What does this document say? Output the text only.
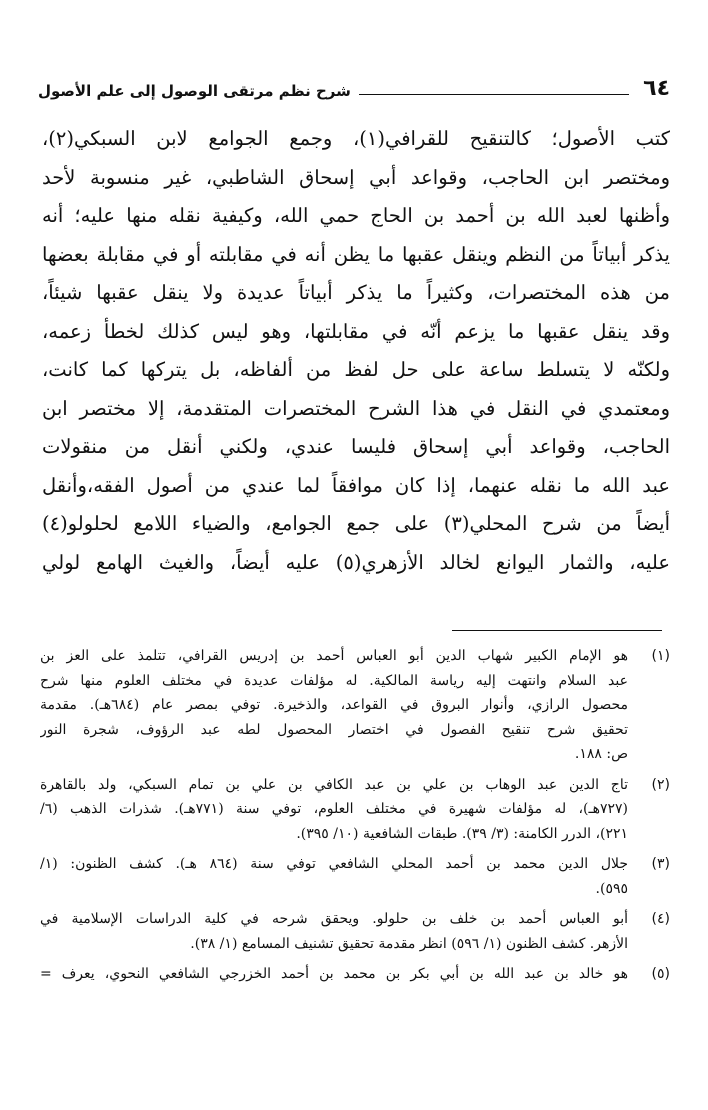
٦٤
شرح نظم مرتقى الوصول إلى علم الأصول
كتب الأصول؛ كالتنقيح للقرافي(١)، وجمع الجوامع لابن السبكي(٢)،
ومختصر ابن الحاجب، وقواعد أبي إسحاق الشاطبي، غير منسوبة لأحد
وأظنها لعبد الله بن أحمد بن الحاج حمي الله، وكيفية نقله منها عليه؛ أنه
يذكر أبياتاً من النظم وينقل عقبها ما يظن أنه في مقابلته أو في مقابلة بعضها
من هذه المختصرات، وكثيراً ما يذكر أبياتاً عديدة ولا ينقل عقبها شيئاً،
وقد ينقل عقبها ما يزعم أنّه في مقابلتها، وهو ليس كذلك لخطأ زعمه،
ولكنّه لا يتسلط ساعة على حل لفظ من ألفاظه، بل يتركها كما كانت،
ومعتمدي في النقل في هذا الشرح المختصرات المتقدمة، إلا مختصر ابن
الحاجب، وقواعد أبي إسحاق فليسا عندي، ولكني أنقل من منقولات
عبد الله ما نقله عنهما، إذا كان موافقاً لما عندي من أصول الفقه،وأنقل
أيضاً من شرح المحلي(٣) على جمع الجوامع، والضياء اللامع لحلولو(٤)
عليه، والثمار اليوانع لخالد الأزهري(٥) عليه أيضاً، والغيث الهامع لولي
(١)
هو الإمام الكبير شهاب الدين أبو العباس أحمد بن إدريس القرافي، تتلمذ على العز بن
عبد السلام وانتهت إليه رياسة المالكية. له مؤلفات عديدة في مختلف العلوم منها شرح
محصول الرازي، وأنوار البروق في القواعد، والذخيرة. توفي بمصر عام (٦٨٤هـ). مقدمة
تحقيق شرح تنقيح الفصول في اختصار المحصول لطه عبد الرؤوف، شجرة النور
ص: ١٨٨.
(٢)
تاج الدين عبد الوهاب بن علي بن عبد الكافي بن علي بن تمام السبكي، ولد بالقاهرة
(٧٢٧هـ)، له مؤلفات شهيرة في مختلف العلوم، توفي سنة (٧٧١هـ). شذرات الذهب (٦/
٢٢١)، الدرر الكامنة: (٣/ ٣٩). طبقات الشافعية (١٠/ ٣٩٥).
(٣)
جلال الدين محمد بن أحمد المحلي الشافعي توفي سنة (٨٦٤ هـ). كشف الظنون: (١/
٥٩٥).
(٤)
أبو العباس أحمد بن خلف بن حلولو. ويحقق شرحه في كلية الدراسات الإسلامية في
الأزهر. كشف الظنون (١/ ٥٩٦) انظر مقدمة تحقيق تشنيف المسامع (١/ ٣٨).
(٥)
هو خالد بن عبد الله بن أبي بكر بن محمد بن أحمد الخزرجي الشافعي النحوي، يعرف =
